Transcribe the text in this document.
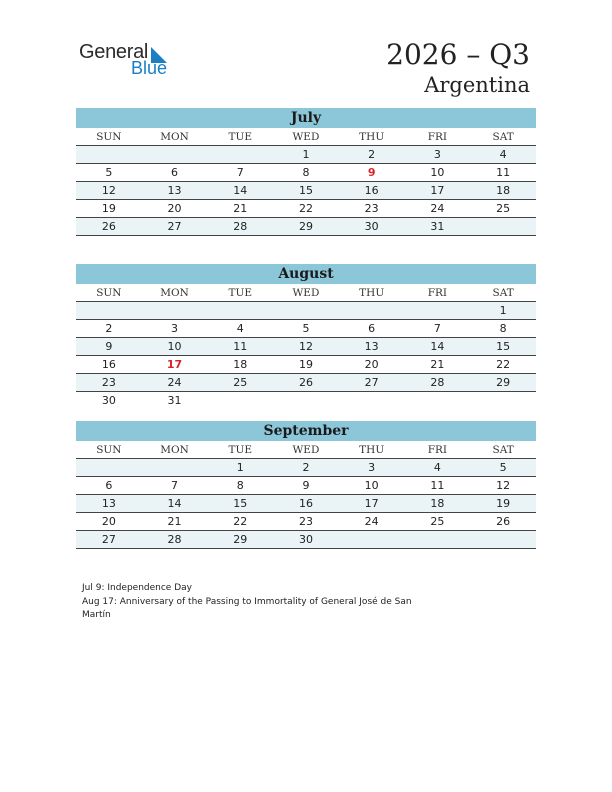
General
Blue	2026 – Q3
Argentina
July
SUN	MON	TUE	WED	THU	FRI	SAT
			1	2	3	4
5	6	7	8	9	10	11
12	13	14	15	16	17	18
19	20	21	22	23	24	25
26	27	28	29	30	31	
August
SUN	MON	TUE	WED	THU	FRI	SAT
						1
2	3	4	5	6	7	8
9	10	11	12	13	14	15
16	17	18	19	20	21	22
23	24	25	26	27	28	29
30	31					
September
SUN	MON	TUE	WED	THU	FRI	SAT
		1	2	3	4	5
6	7	8	9	10	11	12
13	14	15	16	17	18	19
20	21	22	23	24	25	26
27	28	29	30			
Jul 9: Independence Day
Aug 17: Anniversary of the Passing to Immortality of General José de San Martín
